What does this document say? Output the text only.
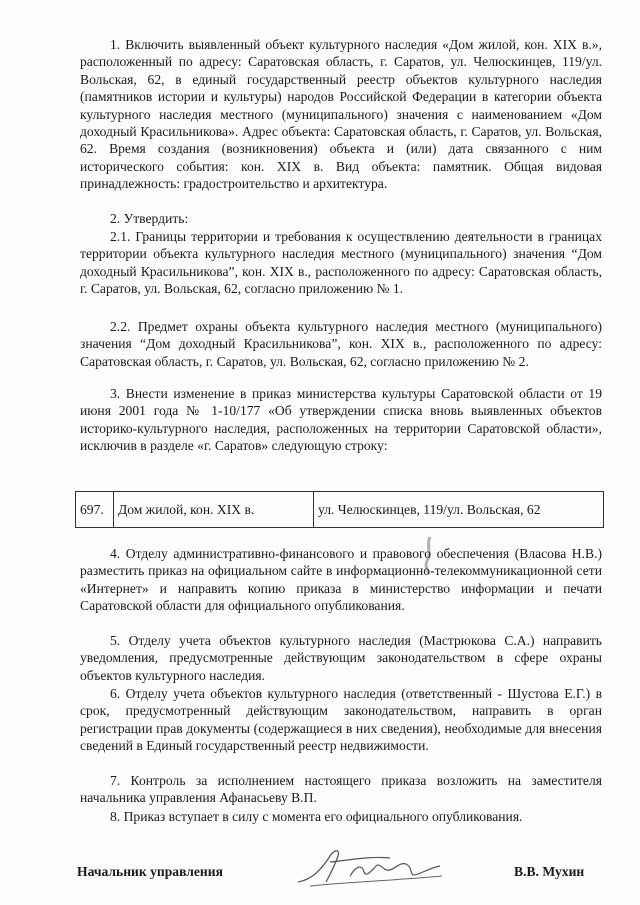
1. Включить выявленный объект культурного наследия «Дом жилой, кон. XIX в.», расположенный по адресу: Саратовская область, г. Саратов, ул. Челюскинцев, 119/ул. Вольская, 62, в единый государственный реестр объектов культурного наследия (памятников истории и культуры) народов Российской Федерации в категории объекта культурного наследия местного (муниципального) значения с наименованием «Дом доходный Красильникова». Адрес объекта: Саратовская область, г. Саратов, ул. Вольская, 62. Время создания (возникновения) объекта и (или) дата связанного с ним исторического события: кон. XIX в. Вид объекта: памятник. Общая видовая принадлежность: градостроительство и архитектура.

2. Утвердить:

2.1. Границы территории и требования к осуществлению деятельности в границах территории объекта культурного наследия местного (муниципального) значения “Дом доходный Красильникова”, кон. XIX в., расположенного по адресу: Саратовская область, г. Саратов, ул. Вольская, 62, согласно приложению № 1.

2.2. Предмет охраны объекта культурного наследия местного (муниципального) значения “Дом доходный Красильникова”, кон. XIX в., расположенного по адресу: Саратовская область, г. Саратов, ул. Вольская, 62, согласно приложению № 2.

3. Внести изменение в приказ министерства культуры Саратовской области от 19 июня 2001 года № 1-10/177 «Об утверждении списка вновь выявленных объектов историко-культурного наследия, расположенных на территории Саратовской области», исключив в разделе «г. Саратов» следующую строку:

697.	Дом жилой, кон. XIX в.	ул. Челюскинцев, 119/ул. Вольская, 62

4. Отделу административно-финансового и правового обеспечения (Власова Н.В.) разместить приказ на официальном сайте в информационно-телекоммуникационной сети «Интернет» и направить копию приказа в министерство информации и печати Саратовской области для официального опубликования.

5. Отделу учета объектов культурного наследия (Мастрюкова С.А.) направить уведомления, предусмотренные действующим законодательством в сфере охраны объектов культурного наследия.

6. Отделу учета объектов культурного наследия (ответственный - Шустова Е.Г.) в срок, предусмотренный действующим законодательством, направить в орган регистрации прав документы (содержащиеся в них сведения), необходимые для внесения сведений в Единый государственный реестр недвижимости.

7. Контроль за исполнением настоящего приказа возложить на заместителя начальника управления Афанасьеву В.П.

8. Приказ вступает в силу с момента его официального опубликования.

Начальник управления	В.В. Мухин
